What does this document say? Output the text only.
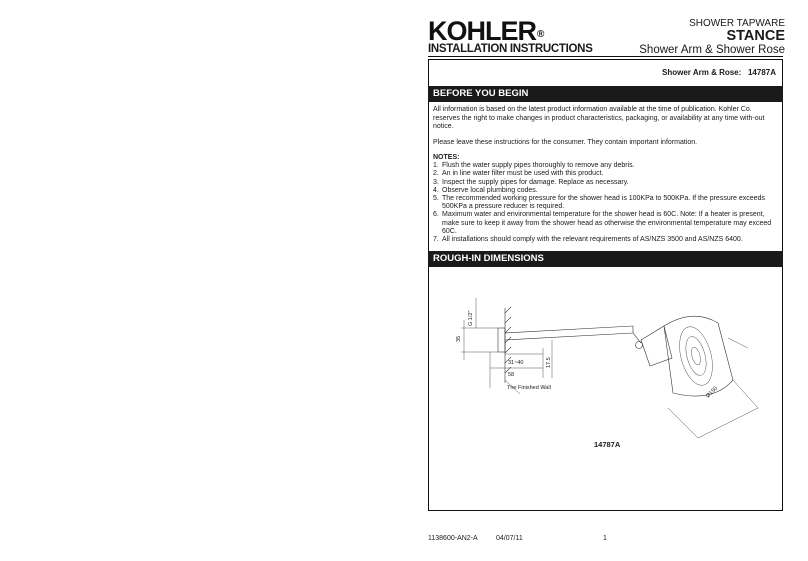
KOHLER®
INSTALLATION INSTRUCTIONS
SHOWER TAPWARE
STANCE
Shower Arm & Shower Rose
Shower Arm & Rose: 14787A
BEFORE YOU BEGIN
All information is based on the latest product information available at the time of publication. Kohler Co. reserves the right to make changes in product characteristics, packaging, or availability at any time with-out notice.
Please leave these instructions for the consumer. They contain important information.
NOTES:
1. Flush the water supply pipes thoroughly to remove any debris.
2. An in line water filter must be used with this product.
3. Inspect the supply pipes for damage. Replace as necessary.
4. Observe local plumbing codes.
5. The recommended working pressure for the shower head is 100KPa to 500KPa. If the pressure exceeds 500KPa a pressure reducer is required.
6. Maximum water and environmental temperature for the shower head is 60C. Note: If a heater is present, make sure to keep it away from the shower head as otherwise the environmental temperature may exceed 60C.
7. All installations should comply with the relevant requirements of AS/NZS 3500 and AS/NZS 6400.
ROUGH-IN DIMENSIONS
G 1/2"
35
31~40	17.5
58
Ø150
The Finished Wall
14787A
1138600-AN2-A	04/07/11	1
